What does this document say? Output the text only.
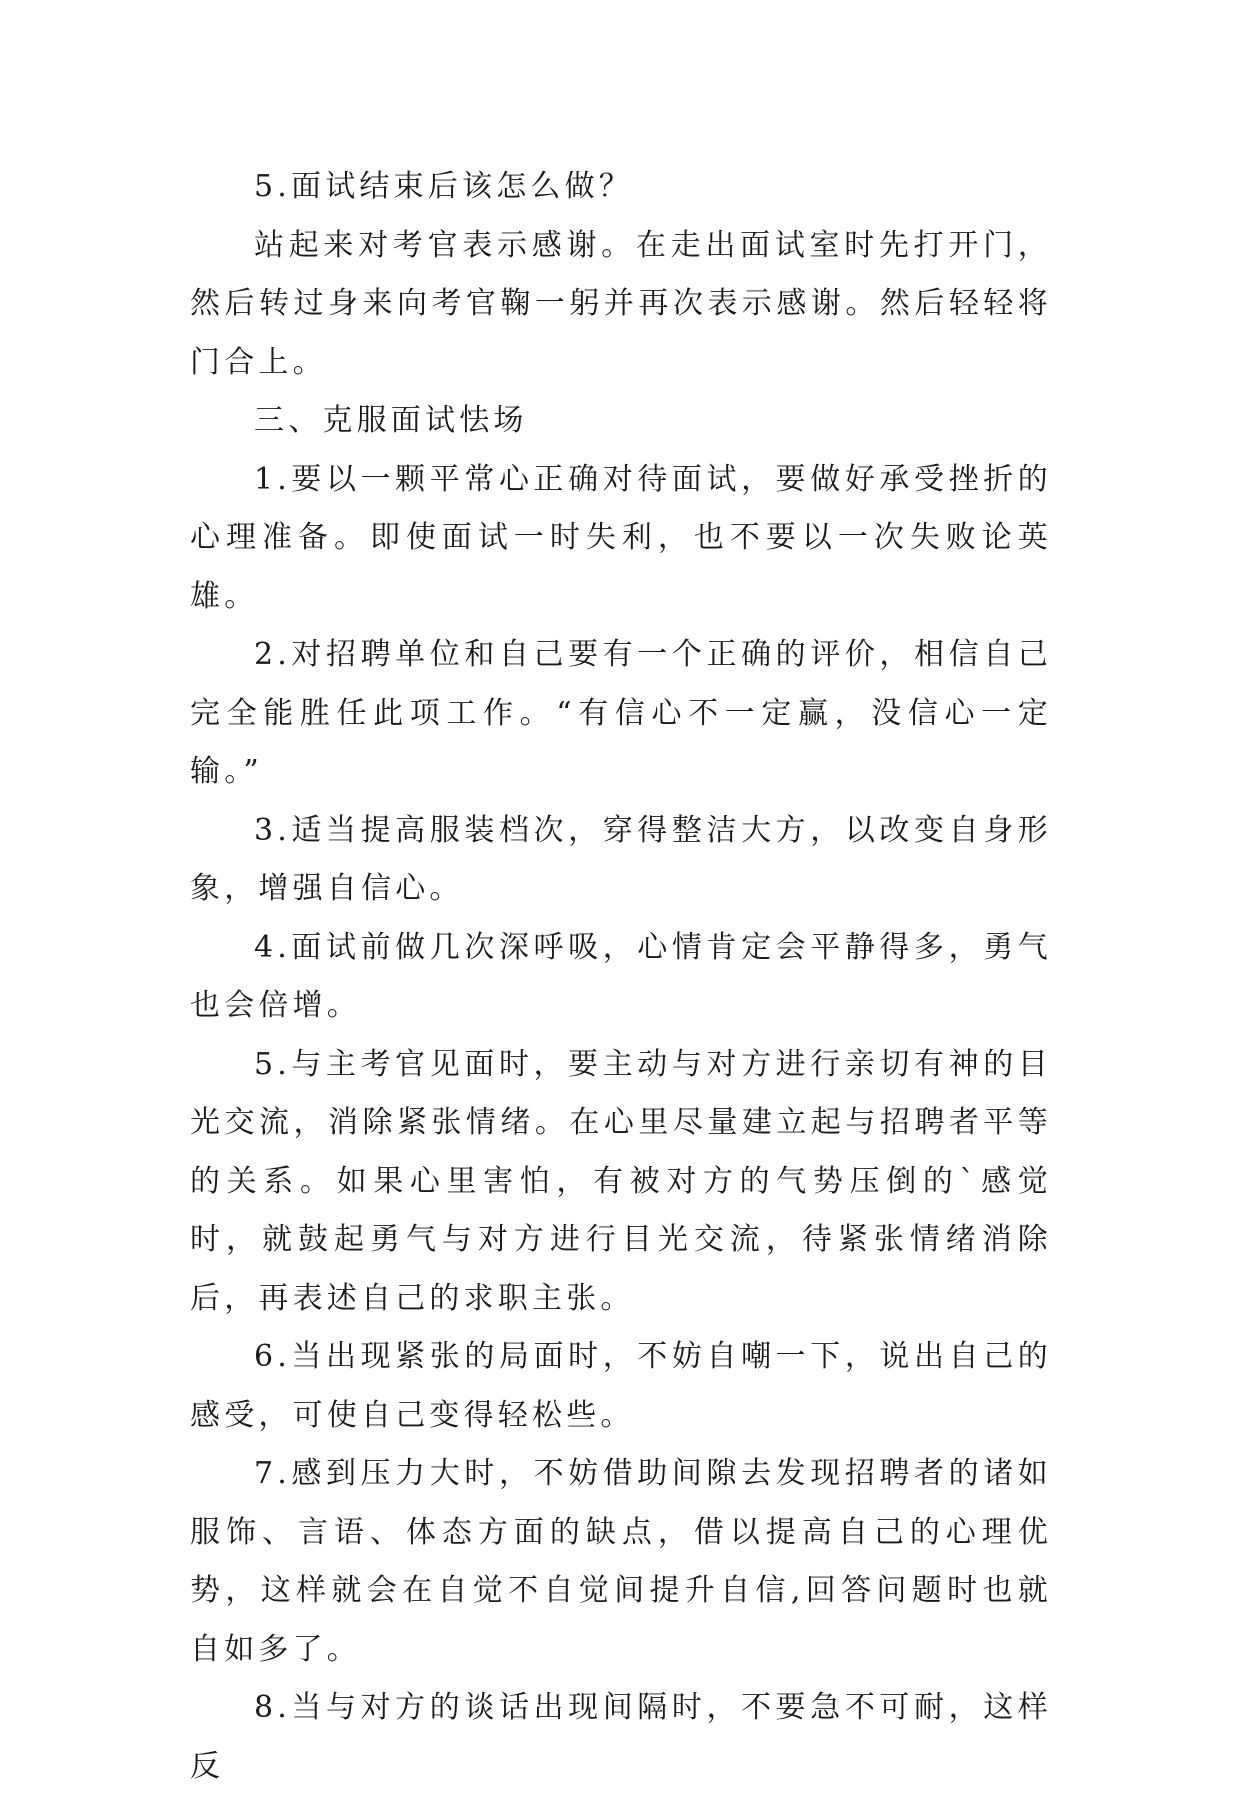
5.面试结束后该怎么做？

站起来对考官表示感谢。在走出面试室时先打开门，然后转过身来向考官鞠一躬并再次表示感谢。然后轻轻将门合上。

三、克服面试怯场

1.要以一颗平常心正确对待面试，要做好承受挫折的心理准备。即使面试一时失利，也不要以一次失败论英雄。

2.对招聘单位和自己要有一个正确的评价，相信自己完全能胜任此项工作。“有信心不一定赢，没信心一定输。”

3.适当提高服装档次，穿得整洁大方，以改变自身形象，增强自信心。

4.面试前做几次深呼吸，心情肯定会平静得多，勇气也会倍增。

5.与主考官见面时，要主动与对方进行亲切有神的目光交流，消除紧张情绪。在心里尽量建立起与招聘者平等的关系。如果心里害怕，有被对方的气势压倒的`感觉时，就鼓起勇气与对方进行目光交流，待紧张情绪消除后，再表述自己的求职主张。

6.当出现紧张的局面时，不妨自嘲一下，说出自己的感受，可使自己变得轻松些。

7.感到压力大时，不妨借助间隙去发现招聘者的诸如服饰、言语、体态方面的缺点，借以提高自己的心理优势，这样就会在自觉不自觉间提升自信,回答问题时也就自如多了。

8.当与对方的谈话出现间隔时，不要急不可耐，这样反
